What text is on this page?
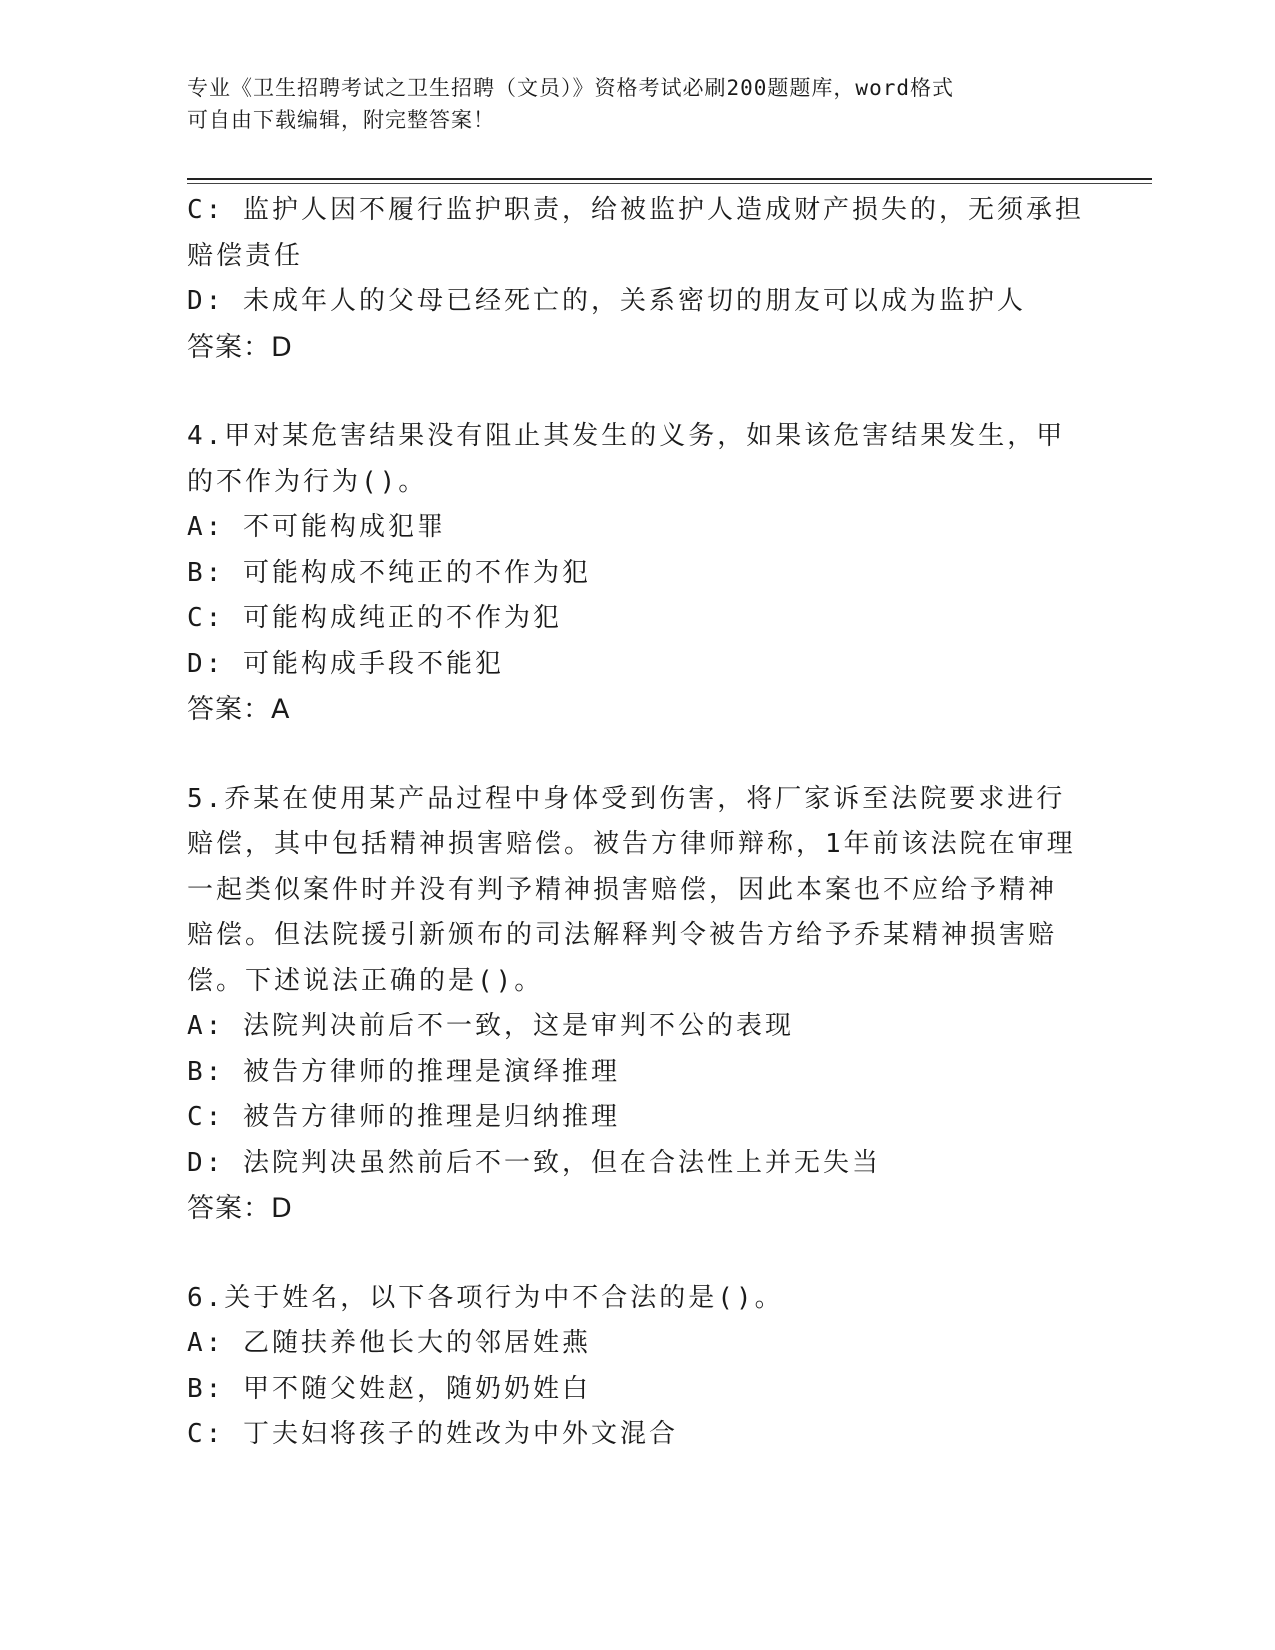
专业《卫生招聘考试之卫生招聘（文员）》资格考试必刷200题题库，word格式
可自由下载编辑，附完整答案！
C: 监护人因不履行监护职责，给被监护人造成财产损失的，无须承担
赔偿责任
D: 未成年人的父母已经死亡的，关系密切的朋友可以成为监护人
答案：D
4.甲对某危害结果没有阻止其发生的义务，如果该危害结果发生，甲
的不作为行为()。
A: 不可能构成犯罪
B: 可能构成不纯正的不作为犯
C: 可能构成纯正的不作为犯
D: 可能构成手段不能犯
答案：A
5.乔某在使用某产品过程中身体受到伤害，将厂家诉至法院要求进行
赔偿，其中包括精神损害赔偿。被告方律师辩称，1年前该法院在审理
一起类似案件时并没有判予精神损害赔偿，因此本案也不应给予精神
赔偿。但法院援引新颁布的司法解释判令被告方给予乔某精神损害赔
偿。下述说法正确的是()。
A: 法院判决前后不一致，这是审判不公的表现
B: 被告方律师的推理是演绎推理
C: 被告方律师的推理是归纳推理
D: 法院判决虽然前后不一致，但在合法性上并无失当
答案：D
6.关于姓名，以下各项行为中不合法的是()。
A: 乙随扶养他长大的邻居姓燕
B: 甲不随父姓赵，随奶奶姓白
C: 丁夫妇将孩子的姓改为中外文混合
